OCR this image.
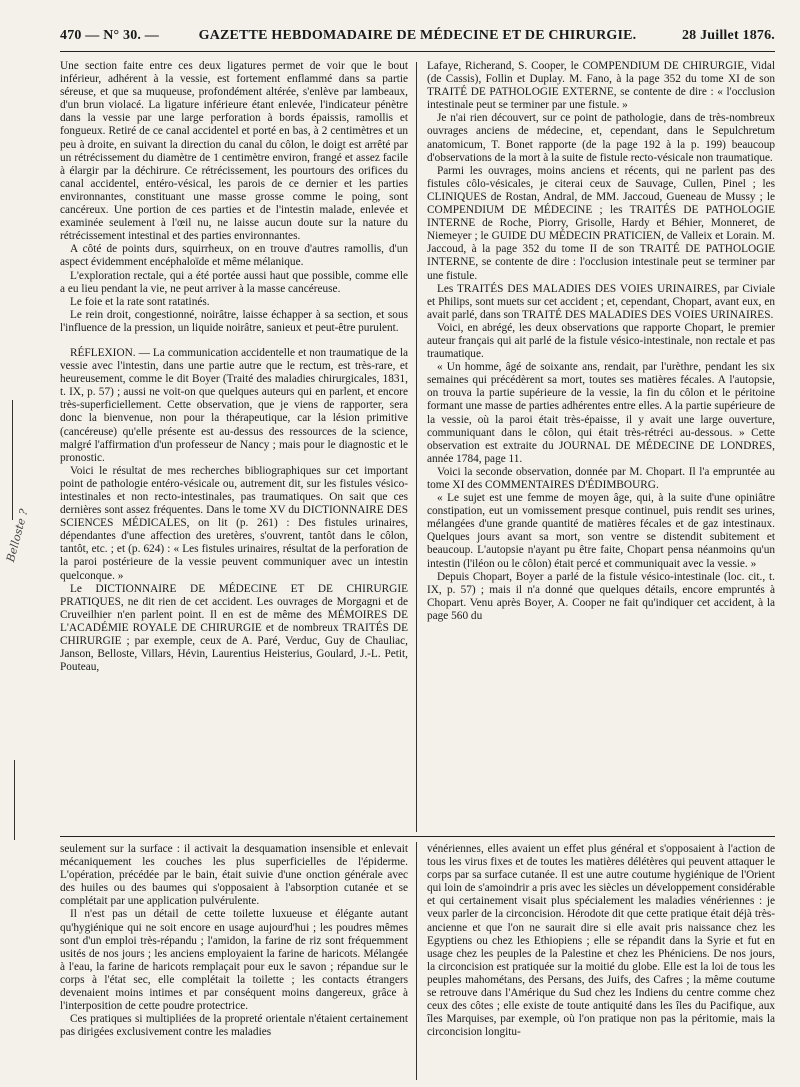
470 — N° 30. —	GAZETTE HEBDOMADAIRE DE MÉDECINE ET DE CHIRURGIE.	28 Juillet 1876.

Une section faite entre ces deux ligatures permet de voir que le bout inférieur, adhérent à la vessie, est fortement enflammé dans sa partie séreuse, et que sa muqueuse, profondément altérée, s'enlève par lambeaux, d'un brun violacé. La ligature inférieure étant enlevée, l'indicateur pénètre dans la vessie par une large perforation à bords épaissis, ramollis et fongueux. Retiré de ce canal accidentel et porté en bas, à 2 centimètres et un peu à droite, en suivant la direction du canal du côlon, le doigt est arrêté par un rétrécissement du diamètre de 1 centimètre environ, frangé et assez facile à élargir par la déchirure. Ce rétrécissement, les pourtours des orifices du canal accidentel, entéro-vésical, les parois de ce dernier et les parties environnantes, constituant une masse grosse comme le poing, sont cancéreux. Une portion de ces parties et de l'intestin malade, enlevée et examinée seulement à l'œil nu, ne laisse aucun doute sur la nature du rétrécissement intestinal et des parties environnantes.

A côté de points durs, squirrheux, on en trouve d'autres ramollis, d'un aspect évidemment encéphaloïde et même mélanique.

L'exploration rectale, qui a été portée aussi haut que possible, comme elle a eu lieu pendant la vie, ne peut arriver à la masse cancéreuse.

Le foie et la rate sont ratatinés.

Le rein droit, congestionné, noirâtre, laisse échapper à sa section, et sous l'influence de la pression, un liquide noirâtre, sanieux et peut-être purulent.

RÉFLEXION. — La communication accidentelle et non traumatique de la vessie avec l'intestin, dans une partie autre que le rectum, est très-rare, et heureusement, comme le dit Boyer (Traité des maladies chirurgicales, 1831, t. IX, p. 57) ; aussi ne voit-on que quelques auteurs qui en parlent, et encore très-superficiellement. Cette observation, que je viens de rapporter, sera donc la bienvenue, non pour la thérapeutique, car la lésion primitive (cancéreuse) qu'elle présente est au-dessus des ressources de la science, malgré l'affirmation d'un professeur de Nancy ; mais pour le diagnostic et le pronostic.

Voici le résultat de mes recherches bibliographiques sur cet important point de pathologie entéro-vésicale ou, autrement dit, sur les fistules vésico-intestinales et non recto-intestinales, pas traumatiques. On sait que ces dernières sont assez fréquentes. Dans le tome XV du DICTIONNAIRE DES SCIENCES MÉDICALES, on lit (p. 261) : Des fistules urinaires, dépendantes d'une affection des uretères, s'ouvrent, tantôt dans le côlon, tantôt, etc. ; et (p. 624) : « Les fistules urinaires, résultat de la perforation de la paroi postérieure de la vessie peuvent communiquer avec un intestin quelconque. »

Le DICTIONNAIRE DE MÉDECINE ET DE CHIRURGIE PRATIQUES, ne dit rien de cet accident. Les ouvrages de Morgagni et de Cruveilhier n'en parlent point. Il en est de même des MÉMOIRES DE L'ACADÉMIE ROYALE DE CHIRURGIE et de nombreux TRAITÉS DE CHIRURGIE ; par exemple, ceux de A. Paré, Verduc, Guy de Chauliac, Janson, Belloste, Villars, Hévin, Laurentius Heisterius, Goulard, J.-L. Petit, Pouteau,

Lafaye, Richerand, S. Cooper, le COMPENDIUM DE CHIRURGIE, Vidal (de Cassis), Follin et Duplay. M. Fano, à la page 352 du tome XI de son TRAITÉ DE PATHOLOGIE EXTERNE, se contente de dire : « l'occlusion intestinale peut se terminer par une fistule. »

Je n'ai rien découvert, sur ce point de pathologie, dans de très-nombreux ouvrages anciens de médecine, et, cependant, dans le Sepulchretum anatomicum, T. Bonet rapporte (de la page 192 à la p. 199) beaucoup d'observations de la mort à la suite de fistule recto-vésicale non traumatique.

Parmi les ouvrages, moins anciens et récents, qui ne parlent pas des fistules côlo-vésicales, je citerai ceux de Sauvage, Cullen, Pinel ; les CLINIQUES de Rostan, Andral, de MM. Jaccoud, Gueneau de Mussy ; le COMPENDIUM DE MÉDECINE ; les TRAITÉS DE PATHOLOGIE INTERNE de Roche, Piorry, Grisolle, Hardy et Béhier, Monneret, de Niemeyer ; le GUIDE DU MÉDECIN PRATICIEN, de Valleix et Lorain. M. Jaccoud, à la page 352 du tome II de son TRAITÉ DE PATHOLOGIE INTERNE, se contente de dire : l'occlusion intestinale peut se terminer par une fistule.

Les TRAITÉS DES MALADIES DES VOIES URINAIRES, par Civiale et Philips, sont muets sur cet accident ; et, cependant, Chopart, avant eux, en avait parlé, dans son TRAITÉ DES MALADIES DES VOIES URINAIRES.

Voici, en abrégé, les deux observations que rapporte Chopart, le premier auteur français qui ait parlé de la fistule vésico-intestinale, non rectale et pas traumatique.

« Un homme, âgé de soixante ans, rendait, par l'urèthre, pendant les six semaines qui précédèrent sa mort, toutes ses matières fécales. A l'autopsie, on trouva la partie supérieure de la vessie, la fin du côlon et le péritoine formant une masse de parties adhérentes entre elles. A la partie supérieure de la vessie, où la paroi était très-épaisse, il y avait une large ouverture, communiquant dans le côlon, qui était très-rétréci au-dessous. » Cette observation est extraite du JOURNAL DE MÉDECINE DE LONDRES, année 1784, page 11.

Voici la seconde observation, donnée par M. Chopart. Il l'a empruntée au tome XI des COMMENTAIRES D'ÉDIMBOURG.

« Le sujet est une femme de moyen âge, qui, à la suite d'une opiniâtre constipation, eut un vomissement presque continuel, puis rendit ses urines, mélangées d'une grande quantité de matières fécales et de gaz intestinaux. Quelques jours avant sa mort, son ventre se distendit subitement et beaucoup. L'autopsie n'ayant pu être faite, Chopart pensa néanmoins qu'un intestin (l'iléon ou le côlon) était percé et communiquait avec la vessie. »

Depuis Chopart, Boyer a parlé de la fistule vésico-intestinale (loc. cit., t. IX, p. 57) ; mais il n'a donné que quelques détails, encore empruntés à Chopart. Venu après Boyer, A. Cooper ne fait qu'indiquer cet accident, à la page 560 du

seulement sur la surface : il activait la desquamation insensible et enlevait mécaniquement les couches les plus superficielles de l'épiderme. L'opération, précédée par le bain, était suivie d'une onction générale avec des huiles ou des baumes qui s'opposaient à l'absorption cutanée et se complétait par une application pulvérulente.

Il n'est pas un détail de cette toilette luxueuse et élégante autant qu'hygiénique qui ne soit encore en usage aujourd'hui ; les poudres mêmes sont d'un emploi très-répandu ; l'amidon, la farine de riz sont fréquemment usités de nos jours ; les anciens employaient la farine de haricots. Mélangée à l'eau, la farine de haricots remplaçait pour eux le savon ; répandue sur le corps à l'état sec, elle complétait la toilette ; les contacts étrangers devenaient moins intimes et par conséquent moins dangereux, grâce à l'interposition de cette poudre protectrice.

Ces pratiques si multipliées de la propreté orientale n'étaient certainement pas dirigées exclusivement contre les maladies

vénériennes, elles avaient un effet plus général et s'opposaient à l'action de tous les virus fixes et de toutes les matières délétères qui peuvent attaquer le corps par sa surface cutanée. Il est une autre coutume hygiénique de l'Orient qui loin de s'amoindrir a pris avec les siècles un développement considérable et qui certainement visait plus spécialement les maladies vénériennes : je veux parler de la circoncision. Hérodote dit que cette pratique était déjà très-ancienne et que l'on ne saurait dire si elle avait pris naissance chez les Egyptiens ou chez les Ethiopiens ; elle se répandit dans la Syrie et fut en usage chez les peuples de la Palestine et chez les Phéniciens. De nos jours, la circoncision est pratiquée sur la moitié du globe. Elle est la loi de tous les peuples mahométans, des Persans, des Juifs, des Cafres ; la même coutume se retrouve dans l'Amérique du Sud chez les Indiens du centre comme chez ceux des côtes ; elle existe de toute antiquité dans les îles du Pacifique, aux îles Marquises, par exemple, où l'on pratique non pas la péritomie, mais la circoncision longitu-

Belloste ?
